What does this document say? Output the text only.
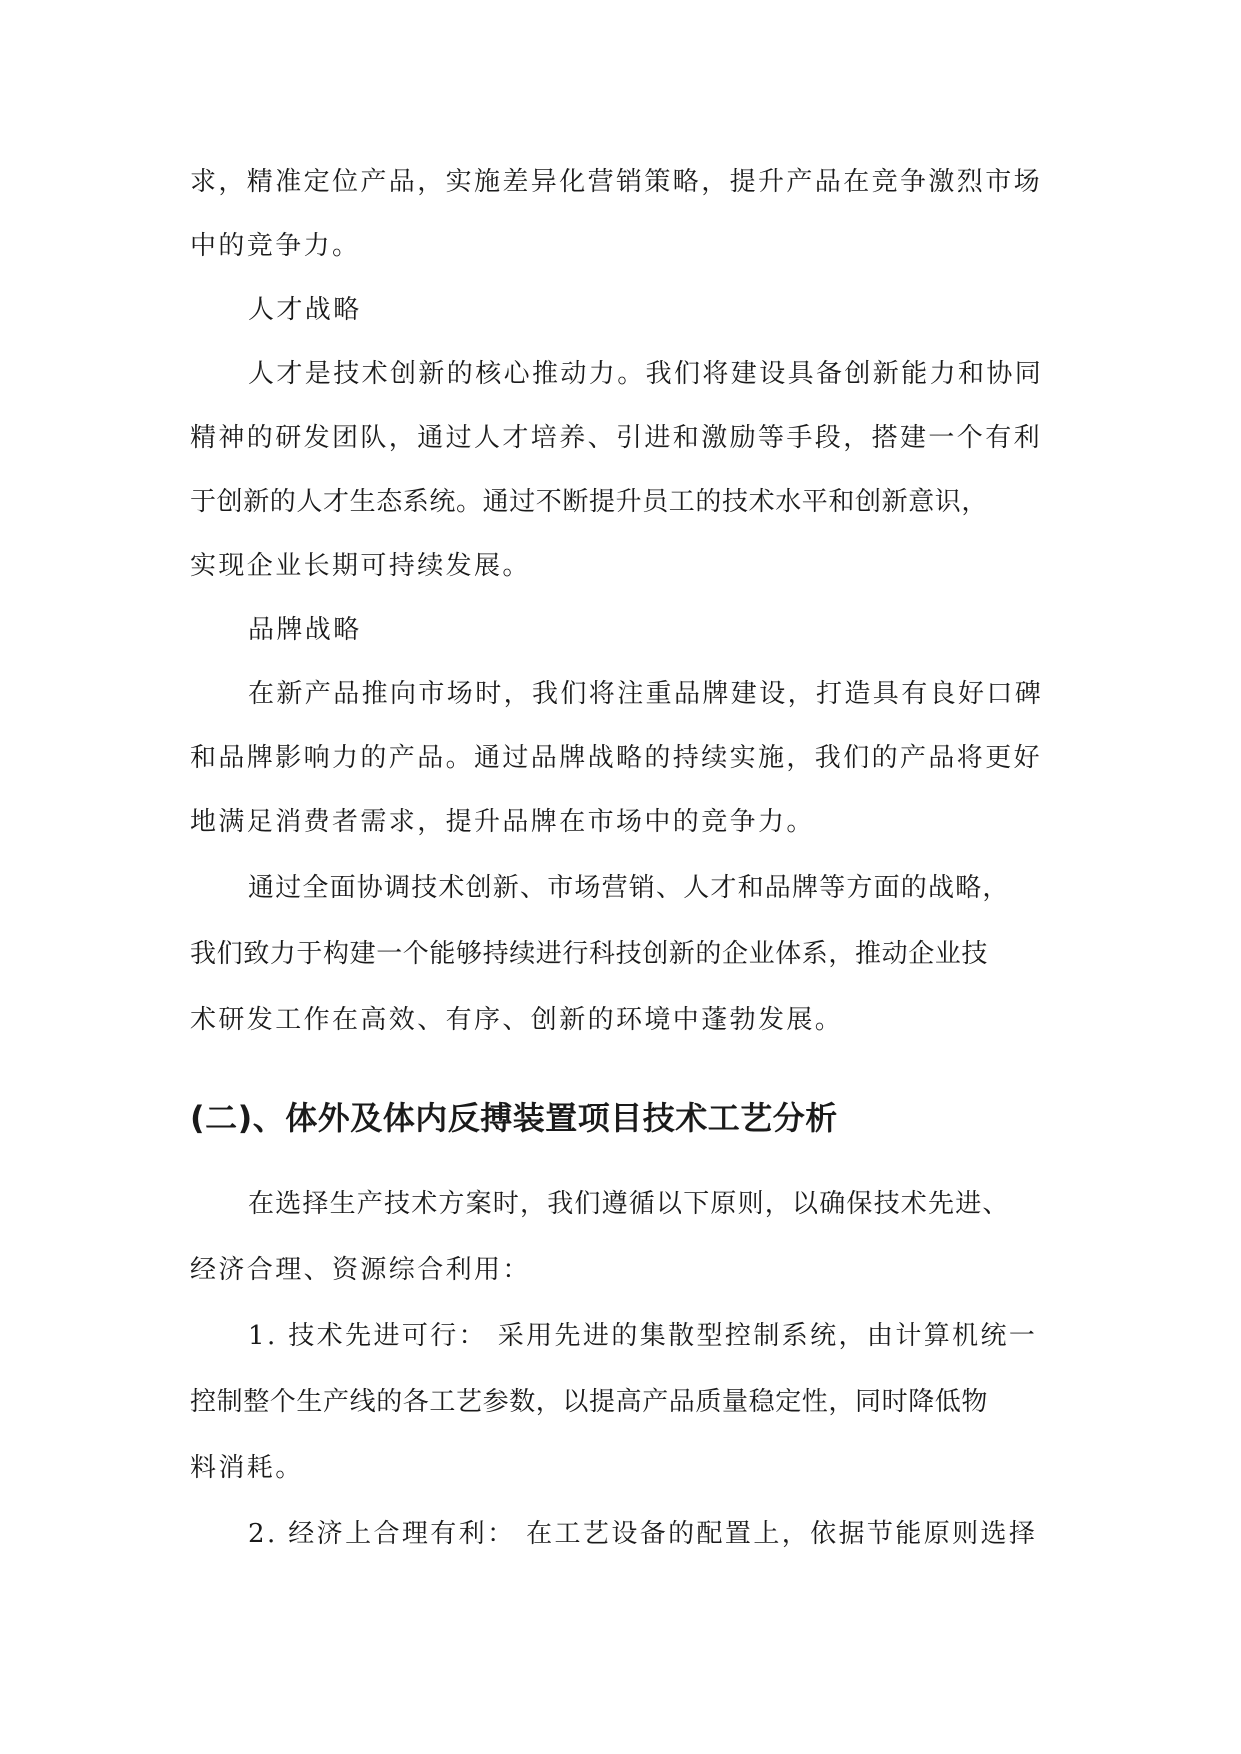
求，精准定位产品，实施差异化营销策略，提升产品在竞争激烈市场
中的竞争力。
人才战略
人才是技术创新的核心推动力。我们将建设具备创新能力和协同
精神的研发团队，通过人才培养、引进和激励等手段，搭建一个有利
于创新的人才生态系统。通过不断提升员工的技术水平和创新意识，
实现企业长期可持续发展。
品牌战略
在新产品推向市场时，我们将注重品牌建设，打造具有良好口碑
和品牌影响力的产品。通过品牌战略的持续实施，我们的产品将更好
地满足消费者需求，提升品牌在市场中的竞争力。
通过全面协调技术创新、市场营销、人才和品牌等方面的战略，
我们致力于构建一个能够持续进行科技创新的企业体系，推动企业技
术研发工作在高效、有序、创新的环境中蓬勃发展。
(二)、体外及体内反搏装置项目技术工艺分析
在选择生产技术方案时，我们遵循以下原则，以确保技术先进、
经济合理、资源综合利用：
1. 技术先进可行： 采用先进的集散型控制系统，由计算机统一
控制整个生产线的各工艺参数，以提高产品质量稳定性，同时降低物
料消耗。
2. 经济上合理有利： 在工艺设备的配置上，依据节能原则选择
